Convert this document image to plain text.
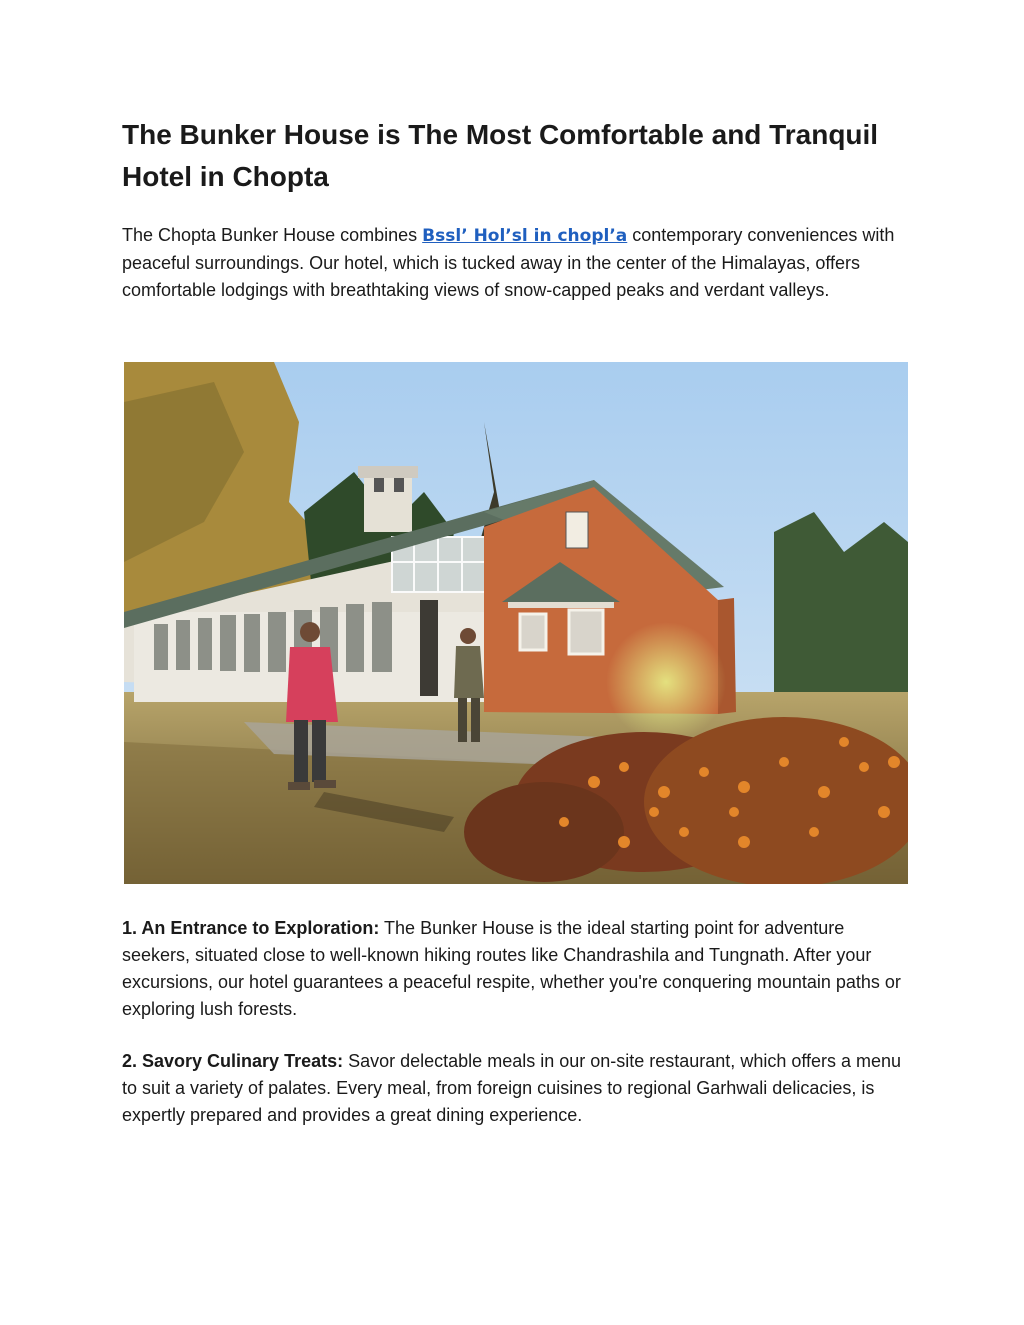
The Bunker House is The Most Comfortable and Tranquil Hotel in Chopta

The Chopta Bunker House combines Bssl’ Hol’sl in chopl’a contemporary conveniences with peaceful surroundings. Our hotel, which is tucked away in the center of the Himalayas, offers comfortable lodgings with breathtaking views of snow-capped peaks and verdant valleys.

1. An Entrance to Exploration: The Bunker House is the ideal starting point for adventure seekers, situated close to well-known hiking routes like Chandrashila and Tungnath. After your excursions, our hotel guarantees a peaceful respite, whether you're conquering mountain paths or exploring lush forests.

2. Savory Culinary Treats: Savor delectable meals in our on-site restaurant, which offers a menu to suit a variety of palates. Every meal, from foreign cuisines to regional Garhwali delicacies, is expertly prepared and provides a great dining experience.
